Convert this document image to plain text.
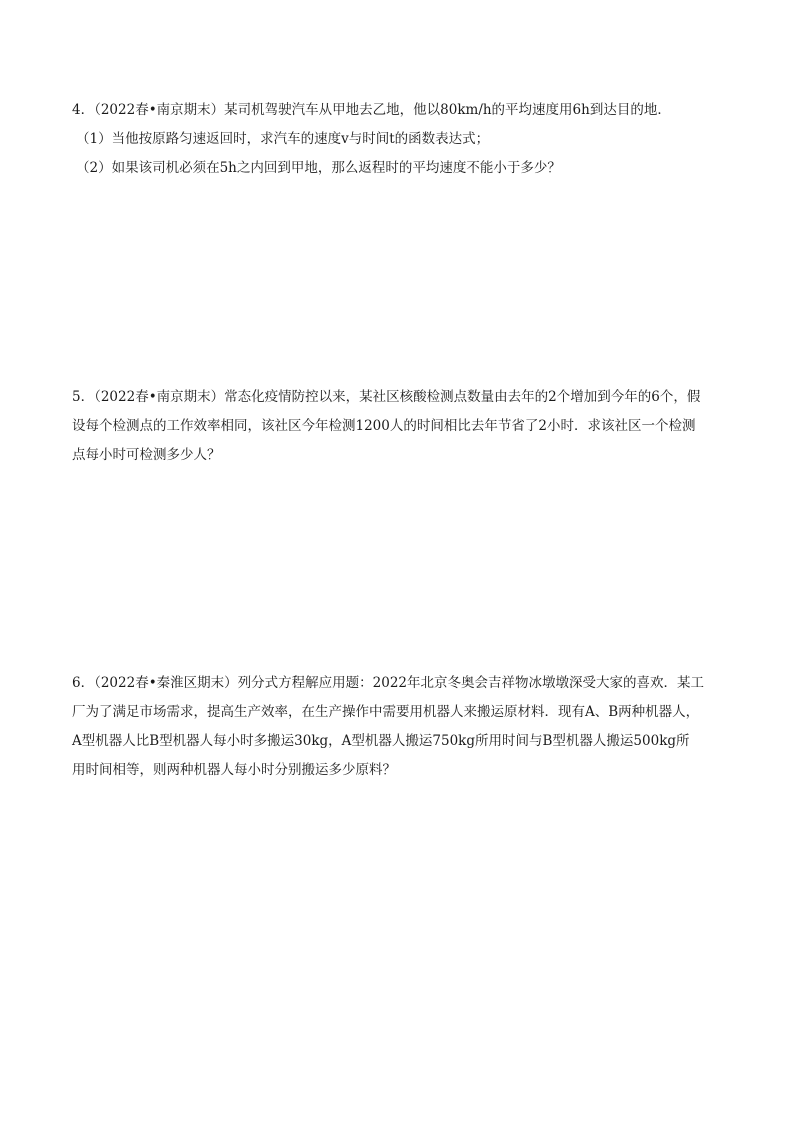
4．（2022春•南京期末）某司机驾驶汽车从甲地去乙地，他以80km/h的平均速度用6h到达目的地．
（1）当他按原路匀速返回时，求汽车的速度v与时间t的函数表达式；
（2）如果该司机必须在5h之内回到甲地，那么返程时的平均速度不能小于多少？
5．（2022春•南京期末）常态化疫情防控以来，某社区核酸检测点数量由去年的2个增加到今年的6个，假
设每个检测点的工作效率相同，该社区今年检测1200人的时间相比去年节省了2小时．求该社区一个检测
点每小时可检测多少人？
6．（2022春•秦淮区期末）列分式方程解应用题：2022年北京冬奥会吉祥物冰墩墩深受大家的喜欢．某工
厂为了满足市场需求，提高生产效率，在生产操作中需要用机器人来搬运原材料．现有A、B两种机器人，
A型机器人比B型机器人每小时多搬运30kg，A型机器人搬运750kg所用时间与B型机器人搬运500kg所
用时间相等，则两种机器人每小时分别搬运多少原料？
